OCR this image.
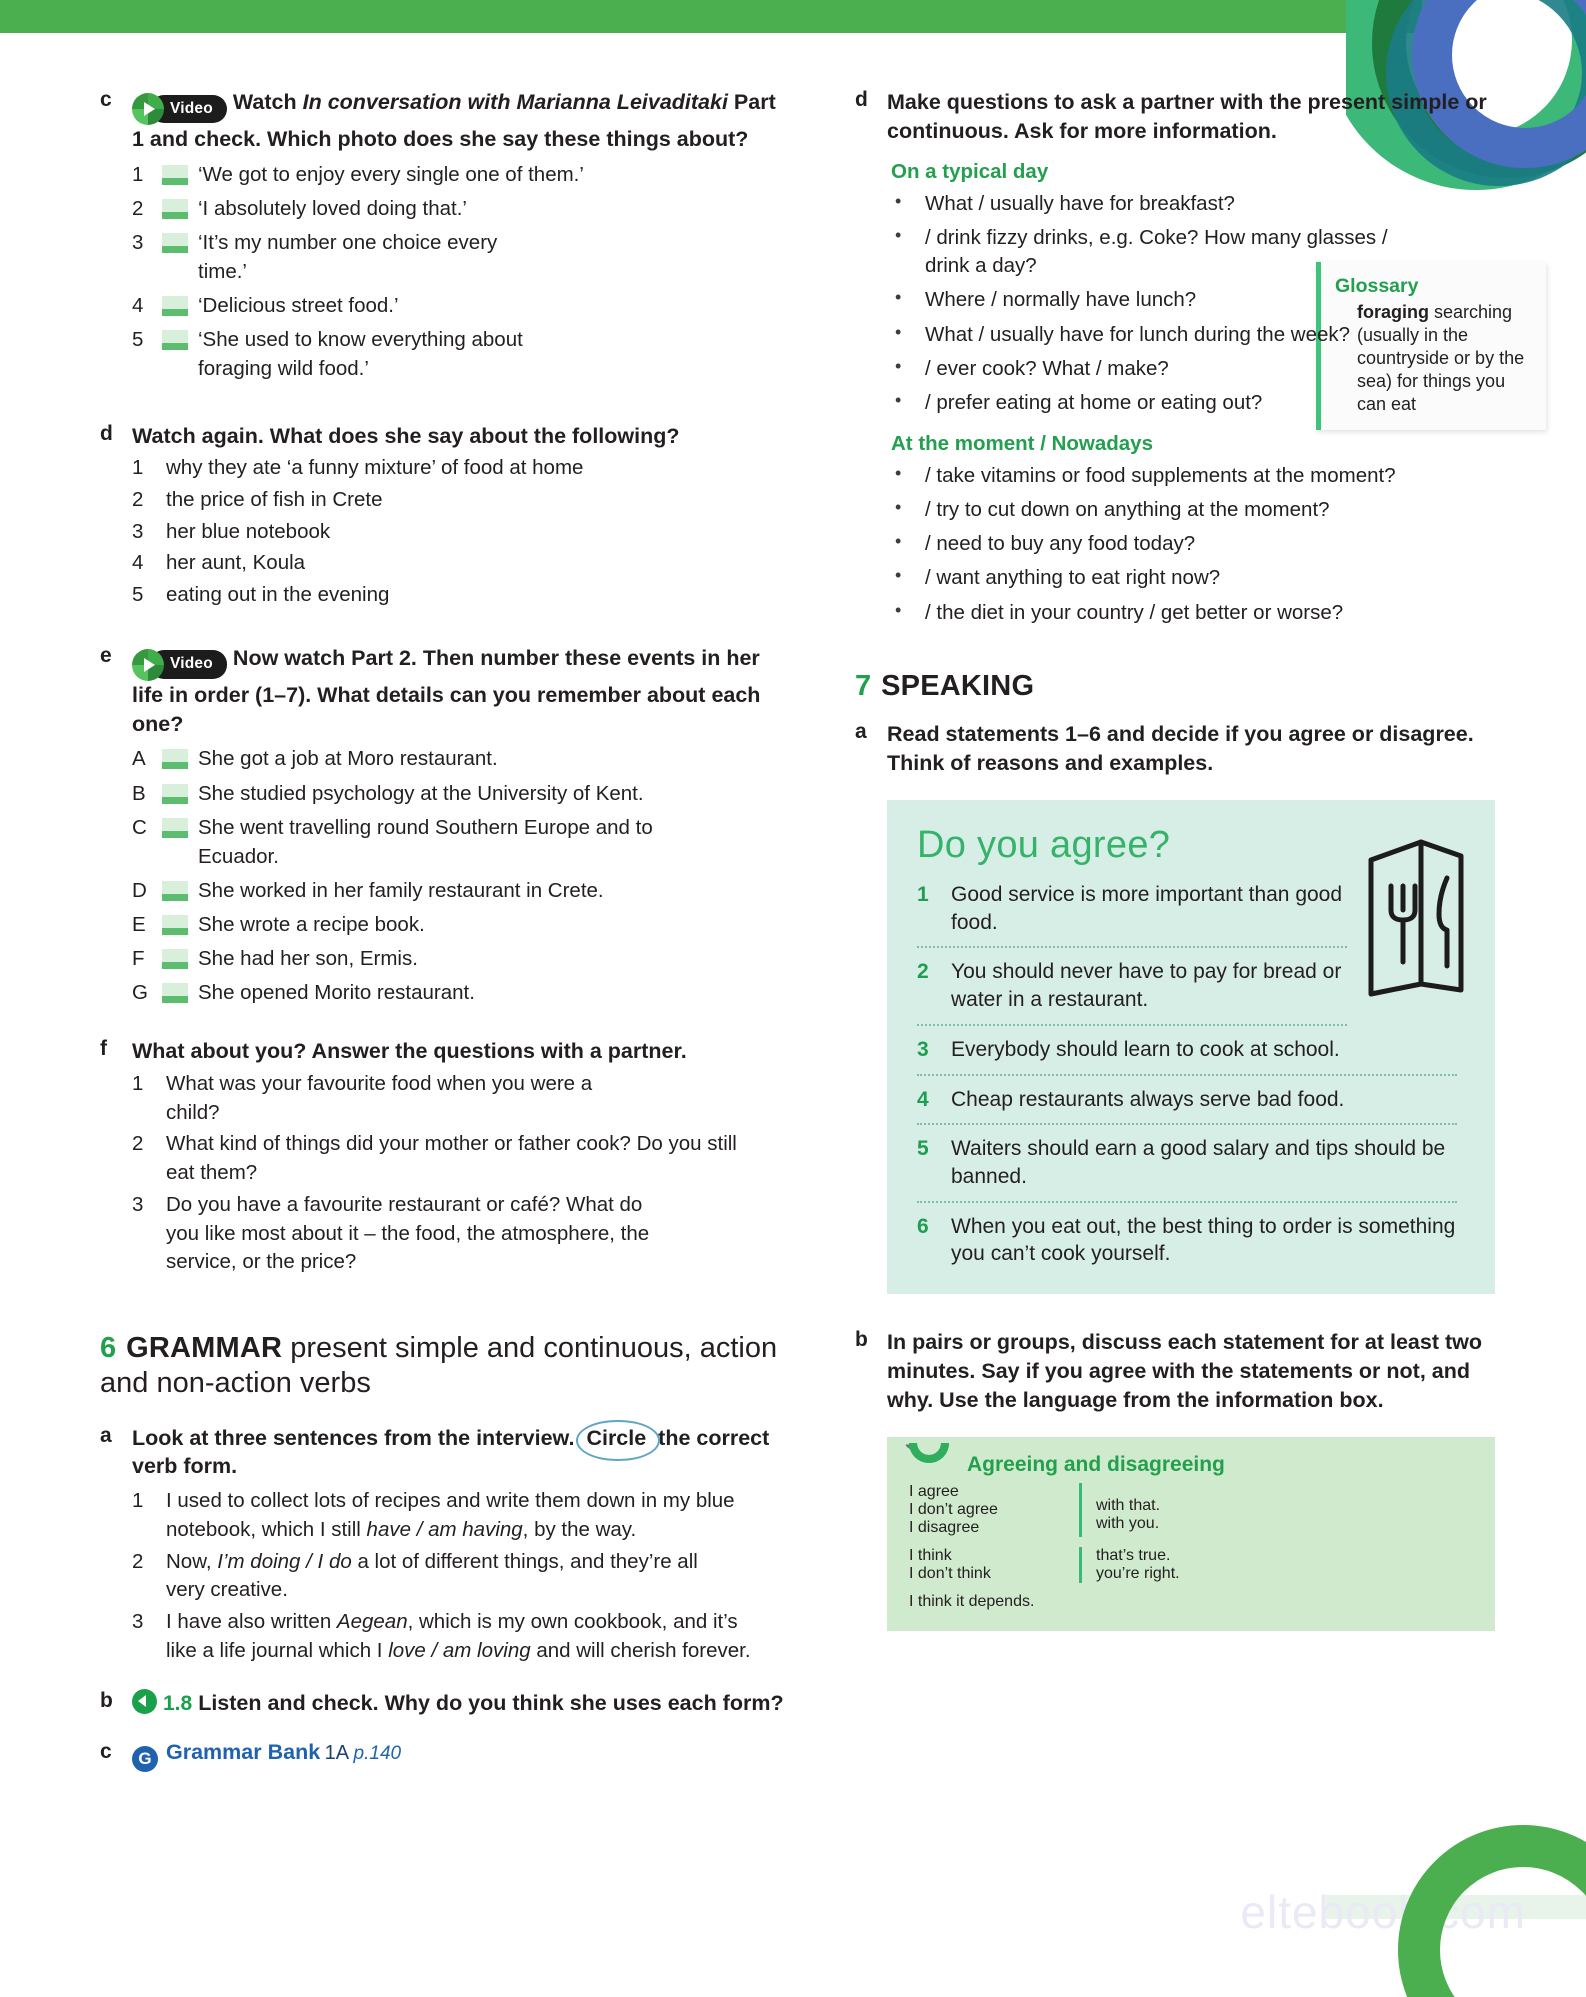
c	Video Watch In conversation with Marianna Leivaditaki Part 1 and check. Which photo does she say these things about?
1	‘We got to enjoy every single one of them.’
2	‘I absolutely loved doing that.’
3	‘It’s my number one choice every time.’
4	‘Delicious street food.’
5	‘She used to know everything about foraging wild food.’
d Watch again. What does she say about the following?
1	why they ate ‘a funny mixture’ of food at home
2	the price of fish in Crete
3	her blue notebook
4	her aunt, Koula
5	eating out in the evening
e	Video Now watch Part 2. Then number these events in her life in order (1–7). What details can you remember about each one?
A	She got a job at Moro restaurant.
B	She studied psychology at the University of Kent.
C	She went travelling round Southern Europe and to Ecuador.
D	She worked in her family restaurant in Crete.
E	She wrote a recipe book.
F	She had her son, Ermis.
G She opened Morito restaurant.
f	What about you? Answer the questions with a partner.
1	What was your favourite food when you were a child?
2	What kind of things did your mother or father cook? Do you still eat them?
3	Do you have a favourite restaurant or café? What do you like most about it – the food, the atmosphere, the service, or the price?
6 GRAMMAR present simple and continuous, action and non-action verbs
a Look at three sentences from the interview. Circle the correct verb form.
1	I used to collect lots of recipes and write them down in my blue notebook, which I still have / am having, by the way.
2	Now, I’m doing / I do a lot of different things, and they’re all very creative.
3	I have also written Aegean, which is my own cookbook, and it’s like a life journal which I love / am loving and will cherish forever.
b	1.8 Listen and check. Why do you think she uses each form?
c	G Grammar Bank 1A p.140
Glossary
foraging searching (usually in the countryside or by the sea) for things you can eat
d Make questions to ask a partner with the present simple or continuous. Ask for more information.
On a typical day
• What / usually have for breakfast?
• / drink fizzy drinks, e.g. Coke? How many glasses / drink a day?
• Where / normally have lunch?
• What / usually have for lunch during the week?
• / ever cook? What / make?
• / prefer eating at home or eating out?
At the moment / Nowadays
• / take vitamins or food supplements at the moment?
• / try to cut down on anything at the moment?
• / need to buy any food today?
• / want anything to eat right now?
• / the diet in your country / get better or worse?
7 SPEAKING
a Read statements 1–6 and decide if you agree or disagree. Think of reasons and examples.
Do you agree?
1 Good service is more important than good food.
2 You should never have to pay for bread or water in a restaurant.
3 Everybody should learn to cook at school.
4 Cheap restaurants always serve bad food.
5 Waiters should earn a good salary and tips should be banned.
6 When you eat out, the best thing to order is something you can’t cook yourself.
b In pairs or groups, discuss each statement for at least two minutes. Say if you agree with the statements or not, and why. Use the language from the information box.
Agreeing and disagreeing
I agree
I don’t agree
I disagree
with that.
with you.
I think
I don’t think
that’s true.
you’re right.
I think it depends.
eltebook.com
11
